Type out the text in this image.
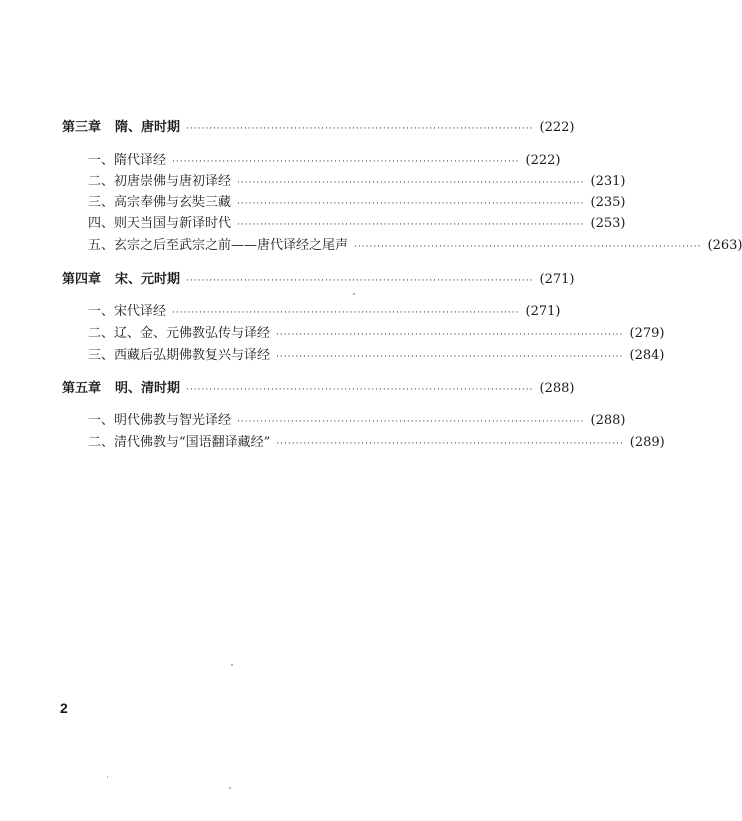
第三章 隋、唐时期 ·························································································· (222)
一、隋代译经 ·························································································· (222)
二、初唐崇佛与唐初译经 ·························································································· (231)
三、高宗奉佛与玄奘三藏 ·························································································· (235)
四、则天当国与新译时代 ·························································································· (253)
五、玄宗之后至武宗之前——唐代译经之尾声 ·························································································· (263)
第四章 宋、元时期 ·························································································· (271)
一、宋代译经 ·························································································· (271)
二、辽、金、元佛教弘传与译经 ·························································································· (279)
三、西藏后弘期佛教复兴与译经 ·························································································· (284)
第五章 明、清时期 ·························································································· (288)
一、明代佛教与智光译经 ·························································································· (288)
二、清代佛教与“国语翻译藏经” ·························································································· (289)
2
